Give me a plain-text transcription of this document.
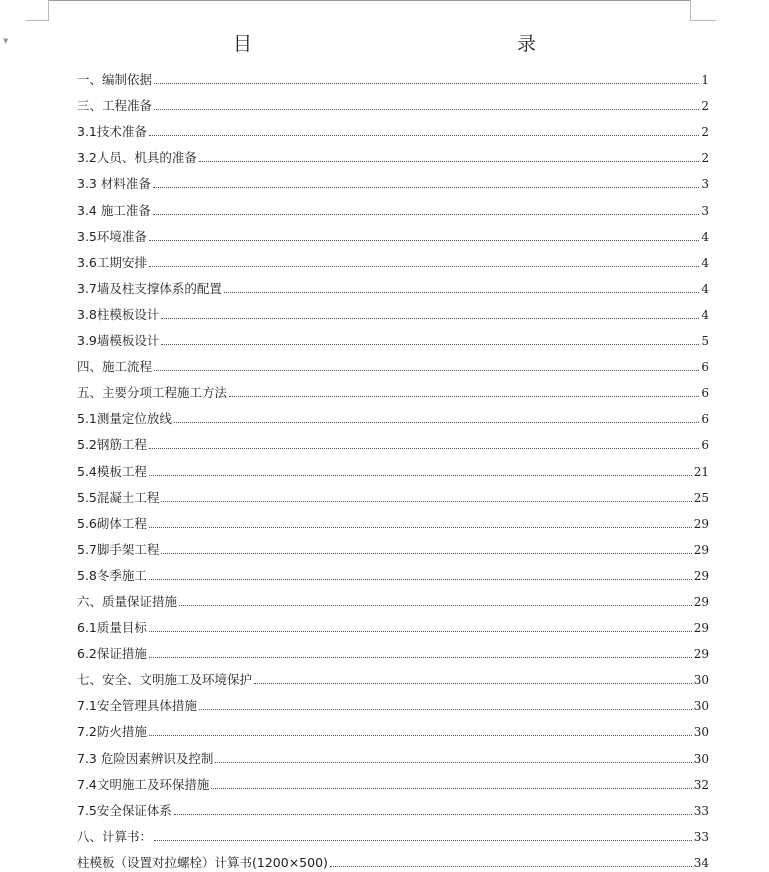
▼	目　　　录
一、编制依据	1
三、工程准备	2
3.1技术准备	2
3.2人员、机具的准备	2
3.3 材料准备	3
3.4 施工准备	3
3.5环境准备	4
3.6工期安排	4
3.7墙及柱支撑体系的配置	4
3.8柱模板设计	4
3.9墙模板设计	5
四、施工流程	6
五、主要分项工程施工方法	6
5.1测量定位放线	6
5.2钢筋工程	6
5.4模板工程	21
5.5混凝土工程	25
5.6砌体工程	29
5.7脚手架工程	29
5.8冬季施工	29
六、质量保证措施	29
6.1质量目标	29
6.2保证措施	29
七、安全、文明施工及环境保护	30
7.1安全管理具体措施	30
7.2防火措施	30
7.3 危险因素辨识及控制	30
7.4文明施工及环保措施	32
7.5安全保证体系	33
八、计算书：	33
柱模板（设置对拉螺栓）计算书(1200×500)	34
